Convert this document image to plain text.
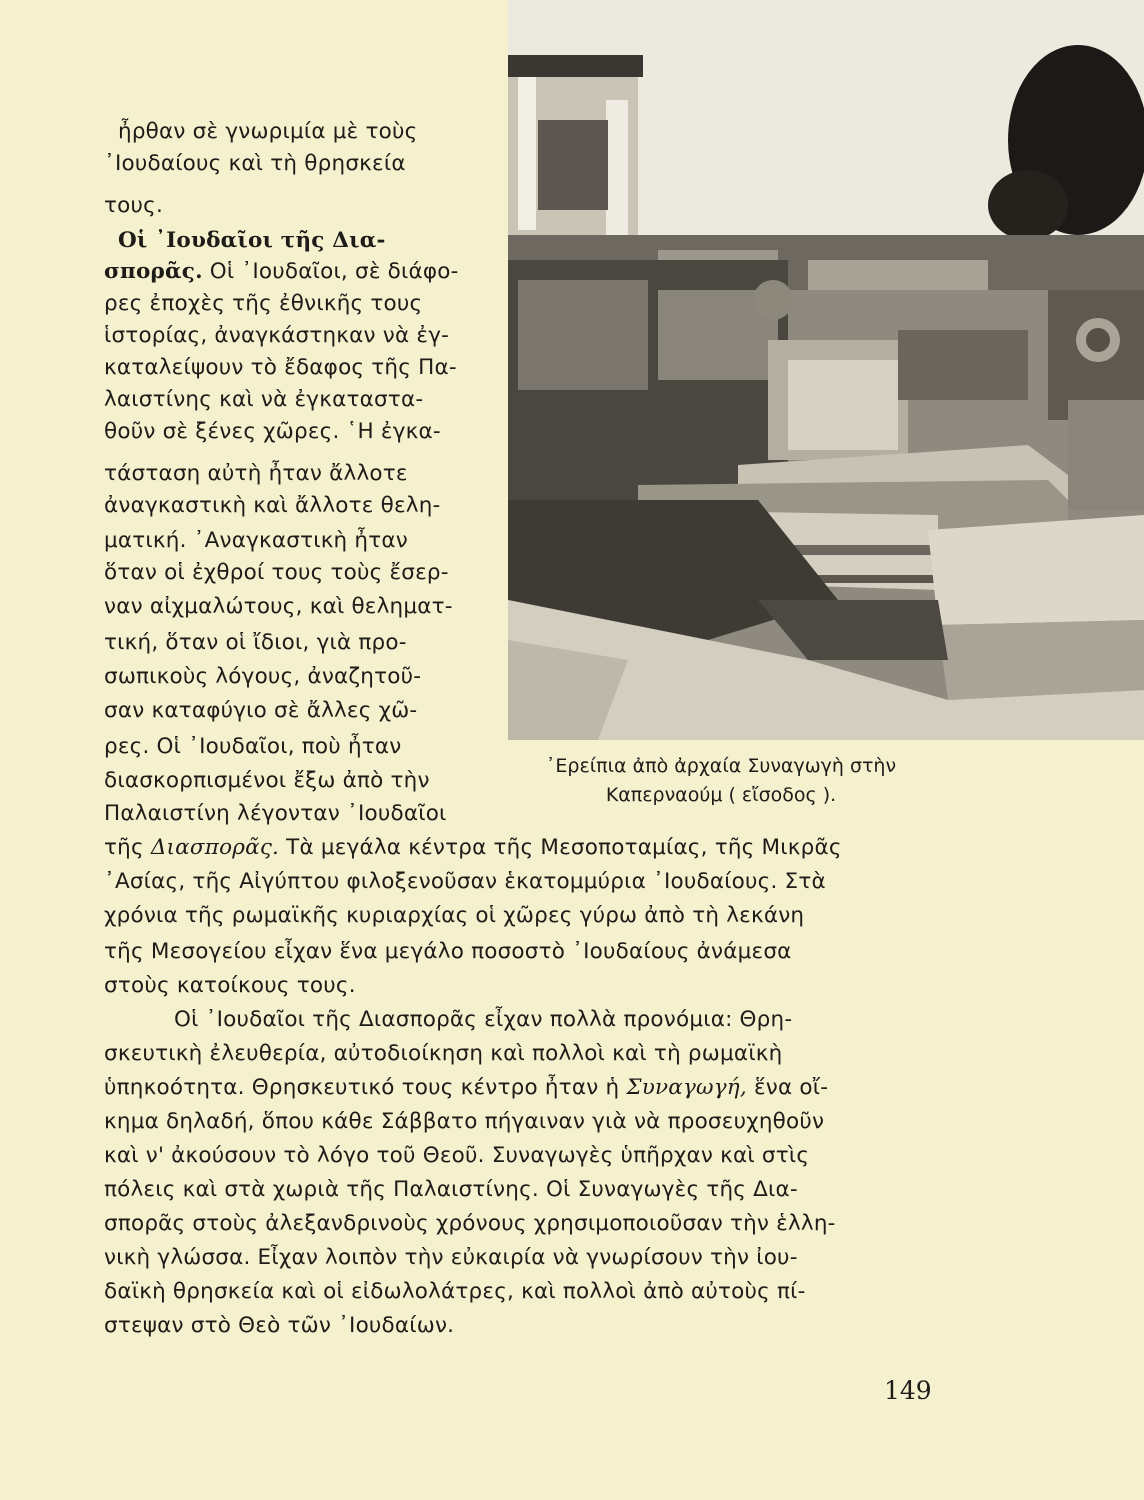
ἦρθαν σὲ γνωριμία μὲ τοὺς

᾿Ιουδαίους καὶ τὴ θρησκεία

τους.

Οἱ ᾿Ιουδαῖοι τῆς Δια-

σπορᾶς. Οἱ ᾿Ιουδαῖοι, σὲ διάφο-

ρες ἐποχὲς τῆς ἐθνικῆς τους

ἱστορίας, ἀναγκάστηκαν νὰ ἐγ-

καταλείψουν τὸ ἔδαφος τῆς Πα-

λαιστίνης καὶ νὰ ἐγκαταστα-

θοῦν σὲ ξένες χῶρες. ῾Η ἐγκα-

τάσταση αὐτὴ ἦταν ἄλλοτε

ἀναγκαστικὴ καὶ ἄλλοτε θελη-

ματική. ᾿Αναγκαστικὴ ἦταν

ὅταν οἱ ἐχθροί τους τοὺς ἔσερ-

ναν αἰχμαλώτους, καὶ θεληματ-

τική, ὅταν οἱ ἴδιοι, γιὰ προ-

σωπικοὺς λόγους, ἀναζητοῦ-

σαν καταφύγιο σὲ ἄλλες χῶ-

ρες. Οἱ ᾿Ιουδαῖοι, ποὺ ἦταν

διασκορπισμένοι ἔξω ἀπὸ τὴν

Παλαιστίνη λέγονταν ᾿Ιουδαῖοι

᾿Ερείπια ἀπὸ ἀρχαία Συναγωγὴ στὴν
Καπερναούμ ( εἴσοδος ).

τῆς Διασπορᾶς. Τὰ μεγάλα κέντρα τῆς Μεσοποταμίας, τῆς Μικρᾶς

᾿Ασίας, τῆς Αἰγύπτου φιλοξενοῦσαν ἑκατομμύρια ᾿Ιουδαίους. Στὰ

χρόνια τῆς ρωμαϊκῆς κυριαρχίας οἱ χῶρες γύρω ἀπὸ τὴ λεκάνη

τῆς Μεσογείου εἶχαν ἕνα μεγάλο ποσοστὸ ᾿Ιουδαίους ἀνάμεσα

στοὺς κατοίκους τους.

Οἱ ᾿Ιουδαῖοι τῆς Διασπορᾶς εἶχαν πολλὰ προνόμια: Θρη-

σκευτικὴ ἐλευθερία, αὐτοδιοίκηση καὶ πολλοὶ καὶ τὴ ρωμαϊκὴ

ὑπηκοότητα. Θρησκευτικό τους κέντρο ἦταν ἡ Συναγωγή, ἕνα οἴ-

κημα δηλαδή, ὅπου κάθε Σάββατο πήγαιναν γιὰ νὰ προσευχηθοῦν

καὶ ν' ἀκούσουν τὸ λόγο τοῦ Θεοῦ. Συναγωγὲς ὑπῆρχαν καὶ στὶς

πόλεις καὶ στὰ χωριὰ τῆς Παλαιστίνης. Οἱ Συναγωγὲς τῆς Δια-

σπορᾶς στοὺς ἀλεξανδρινοὺς χρόνους χρησιμοποιοῦσαν τὴν ἑλλη-

νικὴ γλώσσα. Εἶχαν λοιπὸν τὴν εὐκαιρία νὰ γνωρίσουν τὴν ἰου-

δαϊκὴ θρησκεία καὶ οἱ εἰδωλολάτρες, καὶ πολλοὶ ἀπὸ αὐτοὺς πί-

στεψαν στὸ Θεὸ τῶν ᾿Ιουδαίων.

149
